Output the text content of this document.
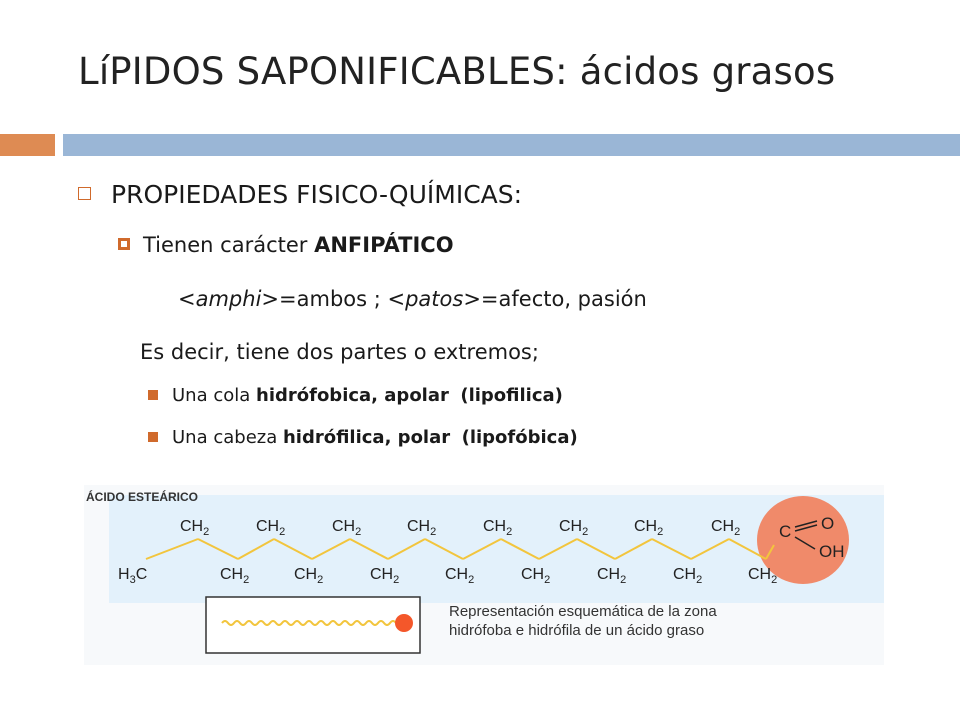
LíPIDOS SAPONIFICABLES: ácidos grasos
PROPIEDADES FISICO-QUÍMICAS:
Tienen carácter ANFIPÁTICO
<amphi>=ambos ; <patos>=afecto, pasión
Es decir, tiene dos partes o extremos;
Una cola hidrófobica, apolar (lipofilica)
Una cabeza hidrófilica, polar (lipofóbica)
ÁCIDO ESTEÁRICO
$CH_2$	$CH_2$	$CH_2$	$CH_2$	$CH_2$	$CH_2$	$CH_2$	$CH_2$
$H_3C$	$CH_2$	$CH_2$	$CH_2$	$CH_2$	$CH_2$	$CH_2$	$CH_2$	$CH_2$
C O
OH
Representación esquemática de la zona
hidrófoba e hidrófila de un ácido graso
